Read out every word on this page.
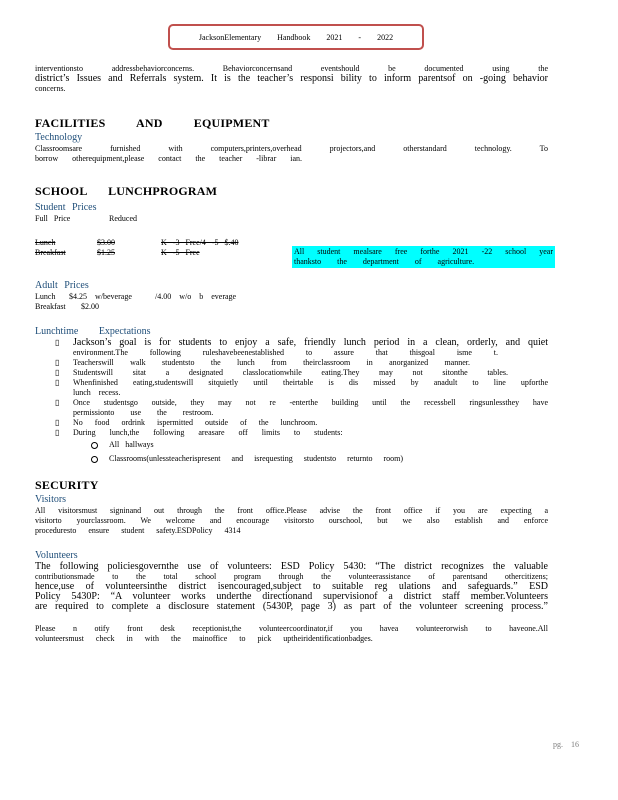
JacksonElementary Handbook 2021 - 2022
interventionsto addressbehaviorconcerns. Behaviorconcernsand eventshould be documented using the
district’s Issues and Referrals system. It is the teacher’s responsi bility to inform parentsof on -going behavior
concerns.
FACILITIES AND EQUIPMENT
Technology
Classroomsare furnished with computers,printers,overhead projectors,and otherstandard technology. To
borrow otherequipment,please contact the teacher -librar ian.
SCHOOL LUNCHPROGRAM
Student Prices
Full Price	Reduced
Lunch	$3.00	K -3 Free/4 -5 $.40
Breakfast	$1.25	K -5 Free
Adult Prices
Lunch	$4.25 w/beverage	/4.00 w/o b everage
Breakfast	$2.00
Lunchtime Expectations
▯ Jackson’s goal is for students to enjoy a safe, friendly lunch period in a clean, orderly, and quiet
environment.The following ruleshavebeenestablished to assure that thisgoal isme t.
▯ Teacherswill walk studentsto the lunch from theirclassroom in anorganized manner.
▯ Studentswill sitat a designated classlocationwhile eating.They may not sitonthe tables.
▯ Whenfinished eating,studentswill sitquietly until theirtable is dis missed by anadult to line upforthe
lunch recess.
▯ Once studentsgo outside, they may not re -enterthe building until the recessbell ringsunlessthey have
permissionto use the restroom.
▯ No food ordrink ispermitted outside of the lunchroom.
▯ During lunch,the following areasare off limits to students:
All hallways
Classrooms(unlessteacherispresent and isrequesting studentsto returnto room)
SECURITY
Visitors
All visitorsmust signinand out through the front office.Please advise the front office if you are expecting a
visitorto yourclassroom. We welcome and encourage visitorsto ourschool, but we also establish and enforce
proceduresto ensure student safety.ESDPolicy 4314
Volunteers
The following policiesgovernthe use of volunteers: ESD Policy 5430: “The district recognizes the valuable
contributionsmade to the total school program through the volunteerassistance of parentsand othercitizens;
hence,use of volunteersinthe district isencouraged,subject to suitable reg ulations and safeguards.” ESD
Policy 5430P: “A volunteer works underthe directionand supervisionof a district staff member.Volunteers
are required to complete a disclosure statement (5430P, page 3) as part of the volunteer screening process.”
Please n otify front desk receptionist,the volunteercoordinator,if you havea volunteerorwish to haveone.All
volunteersmust check in with the mainoffice to pick uptheiridentificationbadges.
All student mealsare free forthe 2021 -22 school year
thanksto the department of agriculture.
pg. 16
